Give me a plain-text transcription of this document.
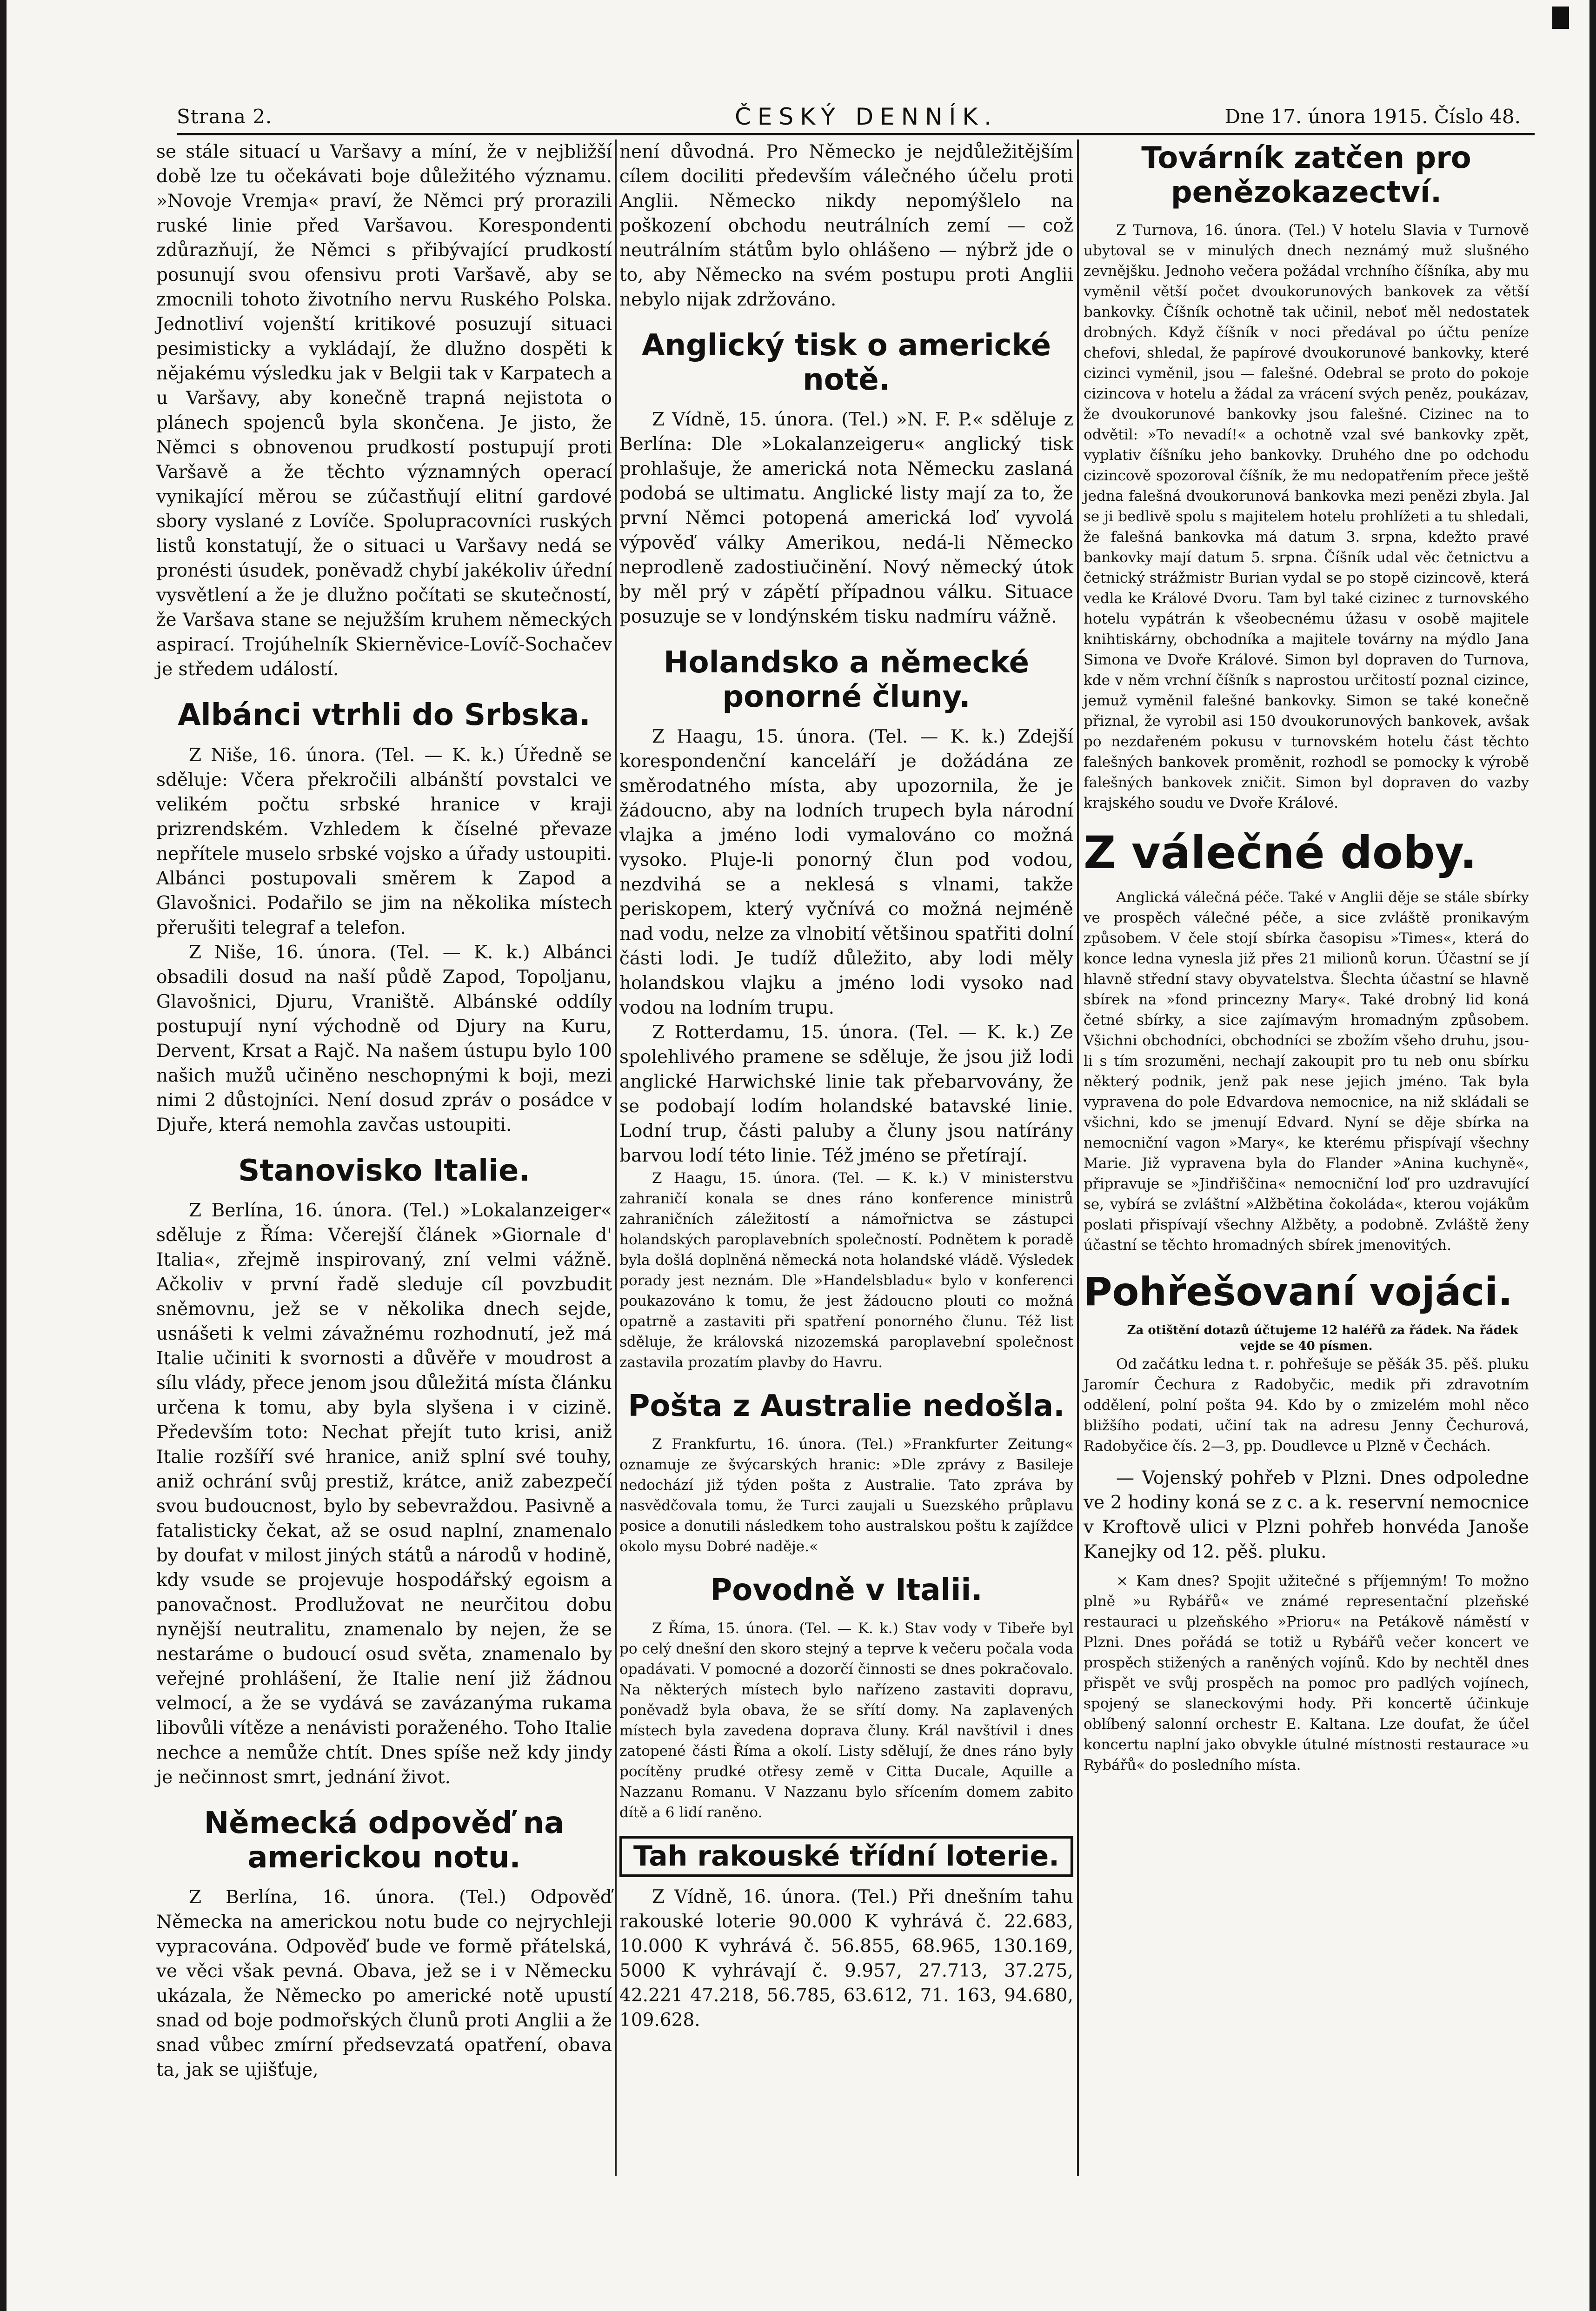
Strana 2.	ČESKÝ DENNÍK.	Dne 17. února 1915. Číslo 48.

se stále situací u Varšavy a míní, že v nejbližší době lze tu očekávati boje důležitého významu. »Novoje Vremja« praví, že Němci prý prorazili ruské linie před Varšavou. Korespondenti zdůrazňují, že Němci s přibývající prudkostí posunují svou ofensivu proti Varšavě, aby se zmocnili tohoto životního nervu Ruského Polska. Jednotliví vojenští kritikové posuzují situaci pesimisticky a vykládají, že dlužno dospěti k nějakému výsledku jak v Belgii tak v Karpatech a u Varšavy, aby konečně trapná nejistota o plánech spojenců byla skončena. Je jisto, že Němci s obnovenou prudkostí postupují proti Varšavě a že těchto významných operací vynikající měrou se zúčastňují elitní gardové sbory vyslané z Lovíče. Spolupracovníci ruských listů konstatují, že o situaci u Varšavy nedá se pronésti úsudek, poněvadž chybí jakékoliv úřední vysvětlení a že je dlužno počítati se skutečností, že Varšava stane se nejužším kruhem německých aspirací. Trojúhelník Skierněvice-Lovíč-Sochačev je středem událostí.

Albánci vtrhli do Srbska.

Z Niše, 16. února. (Tel. — K. k.) Úředně se sděluje: Včera překročili albánští povstalci ve velikém počtu srbské hranice v kraji prizrendském. Vzhledem k číselné převaze nepřítele muselo srbské vojsko a úřady ustoupiti. Albánci postupovali směrem k Zapod a Glavošnici. Podařilo se jim na několika místech přerušiti telegraf a telefon.

Z Niše, 16. února. (Tel. — K. k.) Albánci obsadili dosud na naší půdě Zapod, Topoljanu, Glavošnici, Djuru, Vraniště. Albánské oddíly postupují nyní východně od Djury na Kuru, Dervent, Krsat a Rajč. Na našem ústupu bylo 100 našich mužů učiněno neschopnými k boji, mezi nimi 2 důstojníci. Není dosud zpráv o posádce v Djuře, která nemohla zavčas ustoupiti.

Stanovisko Italie.

Z Berlína, 16. února. (Tel.) »Lokalanzeiger« sděluje z Říma: Včerejší článek »Giornale d' Italia«, zřejmě inspirovaný, zní velmi vážně. Ačkoliv v první řadě sleduje cíl povzbudit sněmovnu, jež se v několika dnech sejde, usnášeti k velmi závažnému rozhodnutí, jež má Italie učiniti k svornosti a důvěře v moudrost a sílu vlády, přece jenom jsou důležitá místa článku určena k tomu, aby byla slyšena i v cizině. Především toto: Nechat přejít tuto krisi, aniž Italie rozšíří své hranice, aniž splní své touhy, aniž ochrání svůj prestiž, krátce, aniž zabezpečí svou budoucnost, bylo by sebevraždou. Pasivně a fatalisticky čekat, až se osud naplní, znamenalo by doufat v milost jiných států a národů v hodině, kdy vsude se projevuje hospodářský egoism a panovačnost. Prodlužovat ne neurčitou dobu nynější neutralitu, znamenalo by nejen, že se nestaráme o budoucí osud světa, znamenalo by veřejné prohlášení, že Italie není již žádnou velmocí, a že se vydává se zavázanýma rukama libovůli vítěze a nenávisti poraženého. Toho Italie nechce a nemůže chtít. Dnes spíše než kdy jindy je nečinnost smrt, jednání život.

Německá odpověď na americkou notu.

Z Berlína, 16. února. (Tel.) Odpověď Německa na americkou notu bude co nejrychleji vypracována. Odpověď bude ve formě přátelská, ve věci však pevná. Obava, jež se i v Německu ukázala, že Německo po americké notě upustí snad od boje podmořských člunů proti Anglii a že snad vůbec zmírní předsevzatá opatření, obava ta, jak se ujišťuje,

není důvodná. Pro Německo je nejdůležitějším cílem dociliti především válečného účelu proti Anglii. Německo nikdy nepomýšlelo na poškození obchodu neutrálních zemí — což neutrálním státům bylo ohlášeno — nýbrž jde o to, aby Německo na svém postupu proti Anglii nebylo nijak zdržováno.

Anglický tisk o americké notě.

Z Vídně, 15. února. (Tel.) »N. F. P.« sděluje z Berlína: Dle »Lokalanzeigeru« anglický tisk prohlašuje, že americká nota Německu zaslaná podobá se ultimatu. Anglické listy mají za to, že první Němci potopená americká loď vyvolá výpověď války Amerikou, nedá-li Německo neprodleně zadostiučinění. Nový německý útok by měl prý v zápětí případnou válku. Situace posuzuje se v londýnském tisku nadmíru vážně.

Holandsko a německé ponorné čluny.

Z Haagu, 15. února. (Tel. — K. k.) Zdejší korespondenční kanceláří je dožádána ze směrodatného místa, aby upozornila, že je žádoucno, aby na lodních trupech byla národní vlajka a jméno lodi vymalováno co možná vysoko. Pluje-li ponorný člun pod vodou, nezdvihá se a neklesá s vlnami, takže periskopem, který vyčnívá co možná nejméně nad vodu, nelze za vlnobití většinou spatřiti dolní části lodi. Je tudíž důležito, aby lodi měly holandskou vlajku a jméno lodi vysoko nad vodou na lodním trupu.

Z Rotterdamu, 15. února. (Tel. — K. k.) Ze spolehlivého pramene se sděluje, že jsou již lodi anglické Harwichské linie tak přebarvovány, že se podobají lodím holandské batavské linie. Lodní trup, části paluby a čluny jsou natírány barvou lodí této linie. Též jméno se přetírají.

Z Haagu, 15. února. (Tel. — K. k.) V ministerstvu zahraničí konala se dnes ráno konference ministrů zahraničních záležitostí a námořnictva se zástupci holandských paroplavebních společností. Podnětem k poradě byla došlá doplněná německá nota holandské vládě. Výsledek porady jest neznám. Dle »Handelsbladu« bylo v konferenci poukazováno k tomu, že jest žádoucno plouti co možná opatrně a zastaviti při spatření ponorného člunu. Též list sděluje, že královská nizozemská paroplavební společnost zastavila prozatím plavby do Havru.

Pošta z Australie nedošla.

Z Frankfurtu, 16. února. (Tel.) »Frankfurter Zeitung« oznamuje ze švýcarských hranic: »Dle zprávy z Basileje nedochází již týden pošta z Australie. Tato zpráva by nasvědčovala tomu, že Turci zaujali u Suezského průplavu posice a donutili následkem toho australskou poštu k zajíždce okolo mysu Dobré naděje.«

Povodně v Italii.

Z Říma, 15. února. (Tel. — K. k.) Stav vody v Tibeře byl po celý dnešní den skoro stejný a teprve k večeru počala voda opadávati. V pomocné a dozorčí činnosti se dnes pokračovalo. Na některých místech bylo nařízeno zastaviti dopravu, poněvadž byla obava, že se sřítí domy. Na zaplavených místech byla zavedena doprava čluny. Král navštívil i dnes zatopené části Říma a okolí. Listy sdělují, že dnes ráno byly pocítěny prudké otřesy země v Citta Ducale, Aquille a Nazzanu Romanu. V Nazzanu bylo sřícením domem zabito dítě a 6 lidí raněno.

Tah rakouské třídní loterie.

Z Vídně, 16. února. (Tel.) Při dnešním tahu rakouské loterie 90.000 K vyhrává č. 22.683, 10.000 K vyhrává č. 56.855, 68.965, 130.169, 5000 K vyhrávají č. 9.957, 27.713, 37.275, 42.221 47.218, 56.785, 63.612, 71. 163, 94.680, 109.628.

Továrník zatčen pro penězokazectví.

Z Turnova, 16. února. (Tel.) V hotelu Slavia v Turnově ubytoval se v minulých dnech neznámý muž slušného zevnějšku. Jednoho večera požádal vrchního číšníka, aby mu vyměnil větší počet dvoukorunových bankovek za větší bankovky. Číšník ochotně tak učinil, neboť měl nedostatek drobných. Když číšník v noci předával po účtu peníze chefovi, shledal, že papírové dvoukorunové bankovky, které cizinci vyměnil, jsou — falešné. Odebral se proto do pokoje cizincova v hotelu a žádal za vrácení svých peněz, poukázav, že dvoukorunové bankovky jsou falešné. Cizinec na to odvětil: »To nevadí!« a ochotně vzal své bankovky zpět, vyplativ číšníku jeho bankovky. Druhého dne po odchodu cizincově spozoroval číšník, že mu nedopatřením přece ještě jedna falešná dvoukorunová bankovka mezi penězi zbyla. Jal se ji bedlivě spolu s majitelem hotelu prohlížeti a tu shledali, že falešná bankovka má datum 3. srpna, kdežto pravé bankovky mají datum 5. srpna. Číšník udal věc četnictvu a četnický strážmistr Burian vydal se po stopě cizincově, která vedla ke Králové Dvoru. Tam byl také cizinec z turnovského hotelu vypátrán k všeobecnému úžasu v osobě majitele knihtiskárny, obchodníka a majitele továrny na mýdlo Jana Simona ve Dvoře Králové. Simon byl dopraven do Turnova, kde v něm vrchní číšník s naprostou určitostí poznal cizince, jemuž vyměnil falešné bankovky. Simon se také konečně přiznal, že vyrobil asi 150 dvoukorunových bankovek, avšak po nezdařeném pokusu v turnovském hotelu část těchto falešných bankovek proměnit, rozhodl se pomocky k výrobě falešných bankovek zničit. Simon byl dopraven do vazby krajského soudu ve Dvoře Králové.

Z válečné doby.

Anglická válečná péče. Také v Anglii děje se stále sbírky ve prospěch válečné péče, a sice zvláště pronikavým způsobem. V čele stojí sbírka časopisu »Times«, která do konce ledna vynesla již přes 21 milionů korun. Účastní se jí hlavně střední stavy obyvatelstva. Šlechta účastní se hlavně sbírek na »fond princezny Mary«. Také drobný lid koná četné sbírky, a sice zajímavým hromadným způsobem. Všichni obchodníci, obchodníci se zbožím všeho druhu, jsou-li s tím srozuměni, nechají zakoupit pro tu neb onu sbírku některý podnik, jenž pak nese jejich jméno. Tak byla vypravena do pole Edvardova nemocnice, na niž skládali se všichni, kdo se jmenují Edvard. Nyní se děje sbírka na nemocniční vagon »Mary«, ke kterému přispívají všechny Marie. Již vypravena byla do Flander »Anina kuchyně«, připravuje se »Jindřiščina« nemocniční loď pro uzdravující se, vybírá se zvláštní »Alžbětina čokoláda«, kterou vojákům poslati přispívají všechny Alžběty, a podobně. Zvláště ženy účastní se těchto hromadných sbírek jmenovitých.

Pohřešovaní vojáci.

Za otištění dotazů účtujeme 12 haléřů za řádek. Na řádek vejde se 40 písmen.

Od začátku ledna t. r. pohřešuje se pěšák 35. pěš. pluku Jaromír Čechura z Radobyčic, medik při zdravotním oddělení, polní pošta 94. Kdo by o zmizelém mohl něco bližšího podati, učiní tak na adresu Jenny Čechurová, Radobyčice čís. 2—3, pp. Doudlevce u Plzně v Čechách.

— Vojenský pohřeb v Plzni. Dnes odpoledne ve 2 hodiny koná se z c. a k. reservní nemocnice v Kroftově ulici v Plzni pohřeb honvéda Janoše Kanejky od 12. pěš. pluku.

× Kam dnes? Spojit užitečné s příjemným! To možno plně »u Rybářů« ve známé representační plzeňské restauraci u plzeňského »Prioru« na Petákově náměstí v Plzni. Dnes pořádá se totiž u Rybářů večer koncert ve prospěch stižených a raněných vojínů. Kdo by nechtěl dnes přispět ve svůj prospěch na pomoc pro padlých vojínech, spojený se slaneckovými hody. Při koncertě účinkuje oblíbený salonní orchestr E. Kaltana. Lze doufat, že účel koncertu naplní jako obvykle útulné místnosti restaurace »u Rybářů« do posledního místa.
